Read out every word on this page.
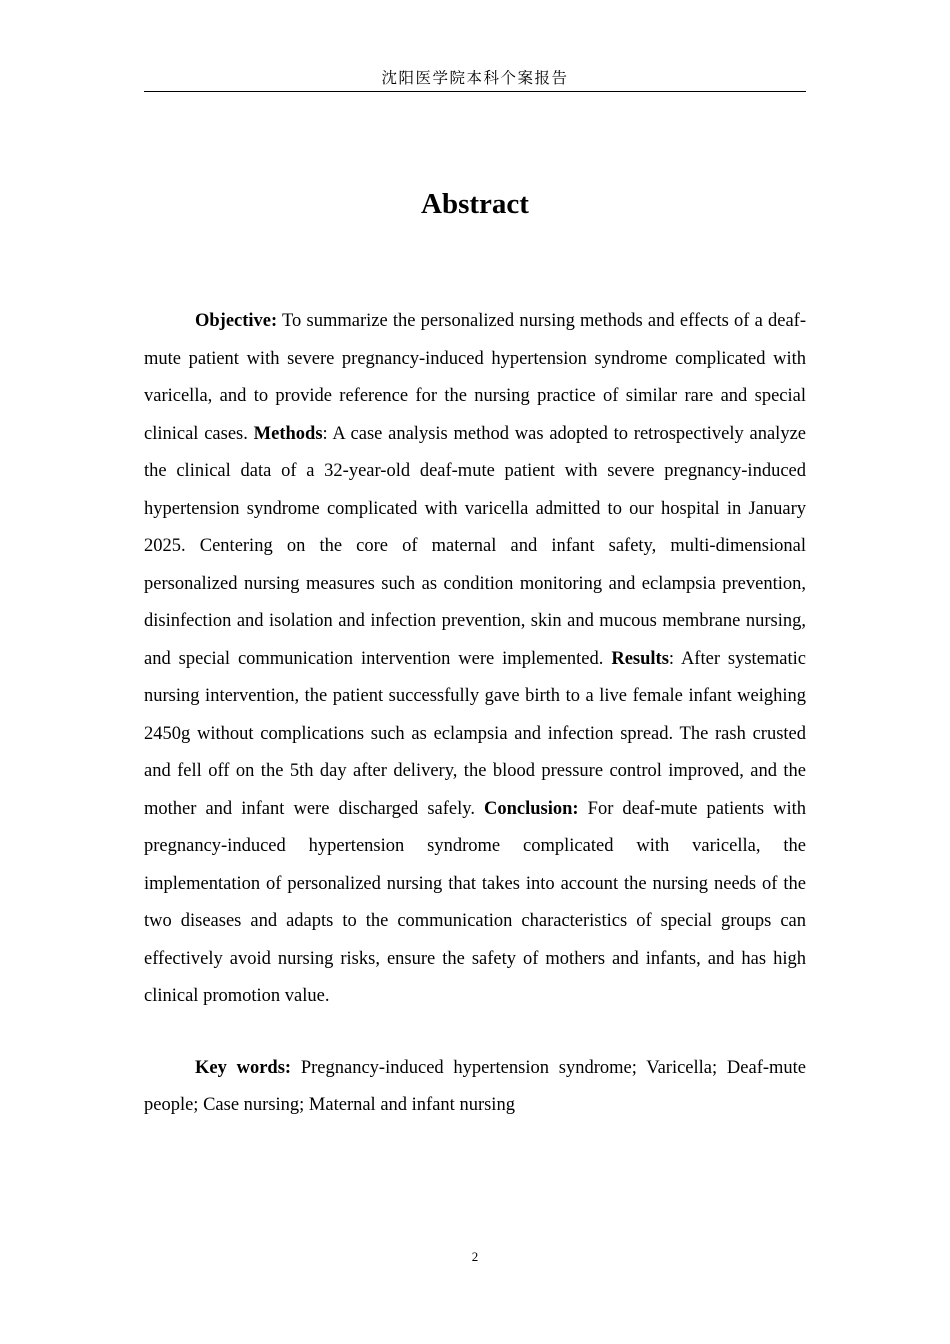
沈阳医学院本科个案报告
Abstract

Objective: To summarize the personalized nursing methods and effects of a deaf-mute patient with severe pregnancy-induced hypertension syndrome complicated with varicella, and to provide reference for the nursing practice of similar rare and special clinical cases. Methods: A case analysis method was adopted to retrospectively analyze the clinical data of a 32-year-old deaf-mute patient with severe pregnancy-induced hypertension syndrome complicated with varicella admitted to our hospital in January 2025. Centering on the core of maternal and infant safety, multi-dimensional personalized nursing measures such as condition monitoring and eclampsia prevention, disinfection and isolation and infection prevention, skin and mucous membrane nursing, and special communication intervention were implemented. Results: After systematic nursing intervention, the patient successfully gave birth to a live female infant weighing 2450g without complications such as eclampsia and infection spread. The rash crusted and fell off on the 5th day after delivery, the blood pressure control improved, and the mother and infant were discharged safely. Conclusion: For deaf-mute patients with pregnancy-induced hypertension syndrome complicated with varicella, the implementation of personalized nursing that takes into account the nursing needs of the two diseases and adapts to the communication characteristics of special groups can effectively avoid nursing risks, ensure the safety of mothers and infants, and has high clinical promotion value.

Key words: Pregnancy-induced hypertension syndrome; Varicella; Deaf-mute people; Case nursing; Maternal and infant nursing

2
